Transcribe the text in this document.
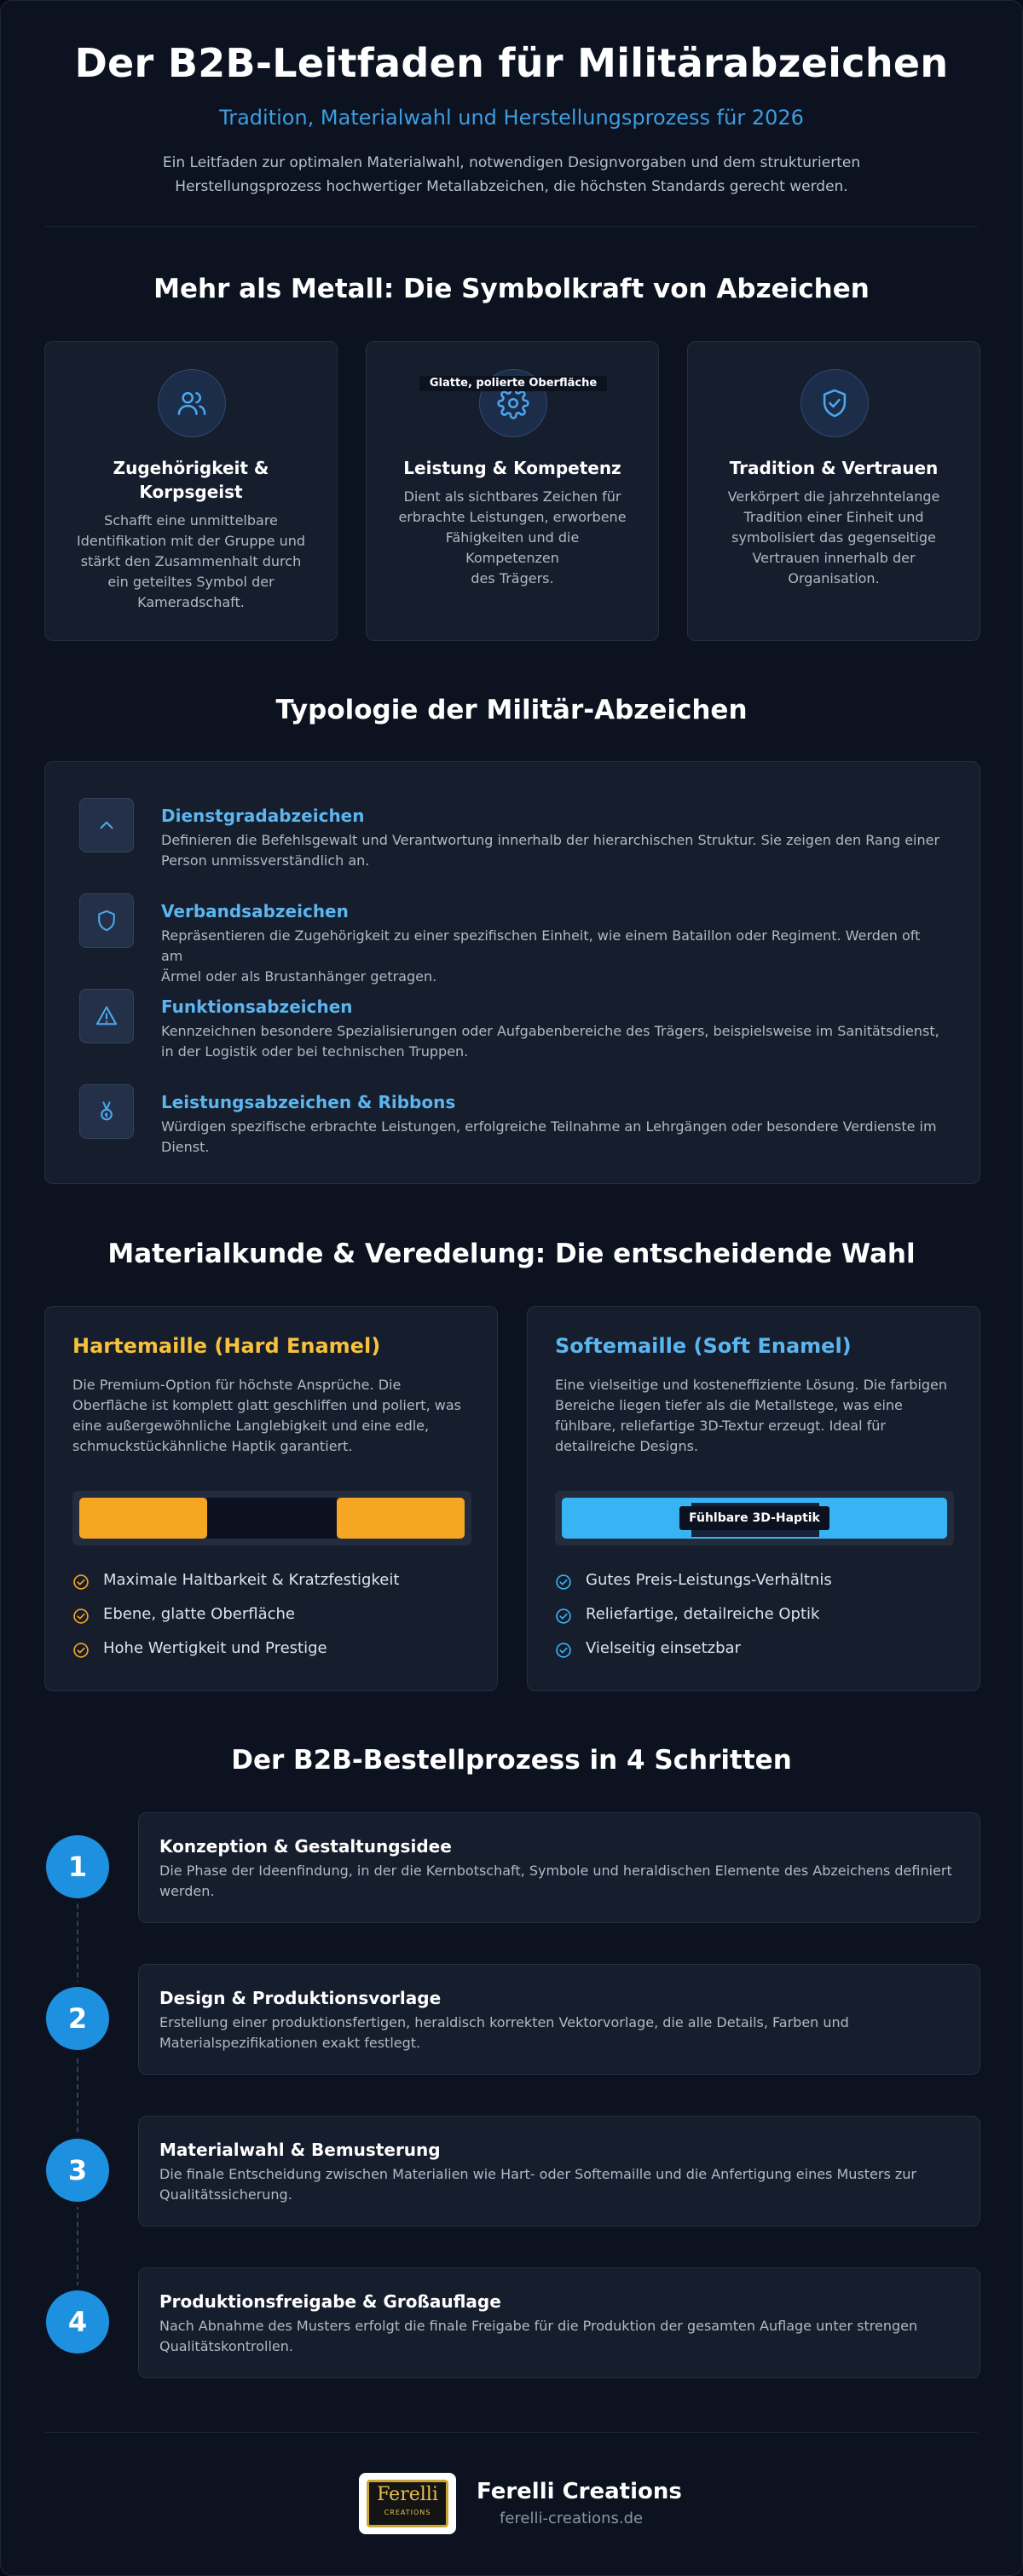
Der B2B-Leitfaden für Militärabzeichen
Tradition, Materialwahl und Herstellungsprozess für 2026
Ein Leitfaden zur optimalen Materialwahl, notwendigen Designvorgaben und dem strukturierten
Herstellungsprozess hochwertiger Metallabzeichen, die höchsten Standards gerecht werden.
Mehr als Metall: Die Symbolkraft von Abzeichen
Zugehörigkeit &
Korpsgeist
Schafft eine unmittelbare
Identifikation mit der Gruppe und
stärkt den Zusammenhalt durch
ein geteiltes Symbol der
Kameradschaft.
Glatte, polierte Oberfläche
Leistung & Kompetenz
Dient als sichtbares Zeichen für
erbrachte Leistungen, erworbene
Fähigkeiten und die Kompetenzen
des Trägers.
Tradition & Vertrauen
Verkörpert die jahrzehntelange
Tradition einer Einheit und
symbolisiert das gegenseitige
Vertrauen innerhalb der
Organisation.
Typologie der Militär-Abzeichen
Dienstgradabzeichen
Definieren die Befehlsgewalt und Verantwortung innerhalb der hierarchischen Struktur. Sie zeigen den Rang einer
Person unmissverständlich an.
Verbandsabzeichen
Repräsentieren die Zugehörigkeit zu einer spezifischen Einheit, wie einem Bataillon oder Regiment. Werden oft am
Ärmel oder als Brustanhänger getragen.
Funktionsabzeichen
Kennzeichnen besondere Spezialisierungen oder Aufgabenbereiche des Trägers, beispielsweise im Sanitätsdienst,
in der Logistik oder bei technischen Truppen.
Leistungsabzeichen & Ribbons
Würdigen spezifische erbrachte Leistungen, erfolgreiche Teilnahme an Lehrgängen oder besondere Verdienste im
Dienst.
Materialkunde & Veredelung: Die entscheidende Wahl
Hartemaille (Hard Enamel)
Die Premium-Option für höchste Ansprüche. Die
Oberfläche ist komplett glatt geschliffen und poliert, was
eine außergewöhnliche Langlebigkeit und eine edle,
schmuckstückähnliche Haptik garantiert.
Maximale Haltbarkeit & Kratzfestigkeit
Ebene, glatte Oberfläche
Hohe Wertigkeit und Prestige
Softemaille (Soft Enamel)
Eine vielseitige und kosteneffiziente Lösung. Die farbigen
Bereiche liegen tiefer als die Metallstege, was eine
fühlbare, reliefartige 3D-Textur erzeugt. Ideal für
detailreiche Designs.
Fühlbare 3D-Haptik
Gutes Preis-Leistungs-Verhältnis
Reliefartige, detailreiche Optik
Vielseitig einsetzbar
Der B2B-Bestellprozess in 4 Schritten
1
Konzeption & Gestaltungsidee
Die Phase der Ideenfindung, in der die Kernbotschaft, Symbole und heraldischen Elemente des Abzeichens definiert
werden.
2
Design & Produktionsvorlage
Erstellung einer produktionsfertigen, heraldisch korrekten Vektorvorlage, die alle Details, Farben und
Materialspezifikationen exakt festlegt.
3
Materialwahl & Bemusterung
Die finale Entscheidung zwischen Materialien wie Hart- oder Softemaille und die Anfertigung eines Musters zur
Qualitätssicherung.
4
Produktionsfreigabe & Großauflage
Nach Abnahme des Musters erfolgt die finale Freigabe für die Produktion der gesamten Auflage unter strengen
Qualitätskontrollen.
Ferelli
CREATIONS
Ferelli Creations
ferelli-creations.de
